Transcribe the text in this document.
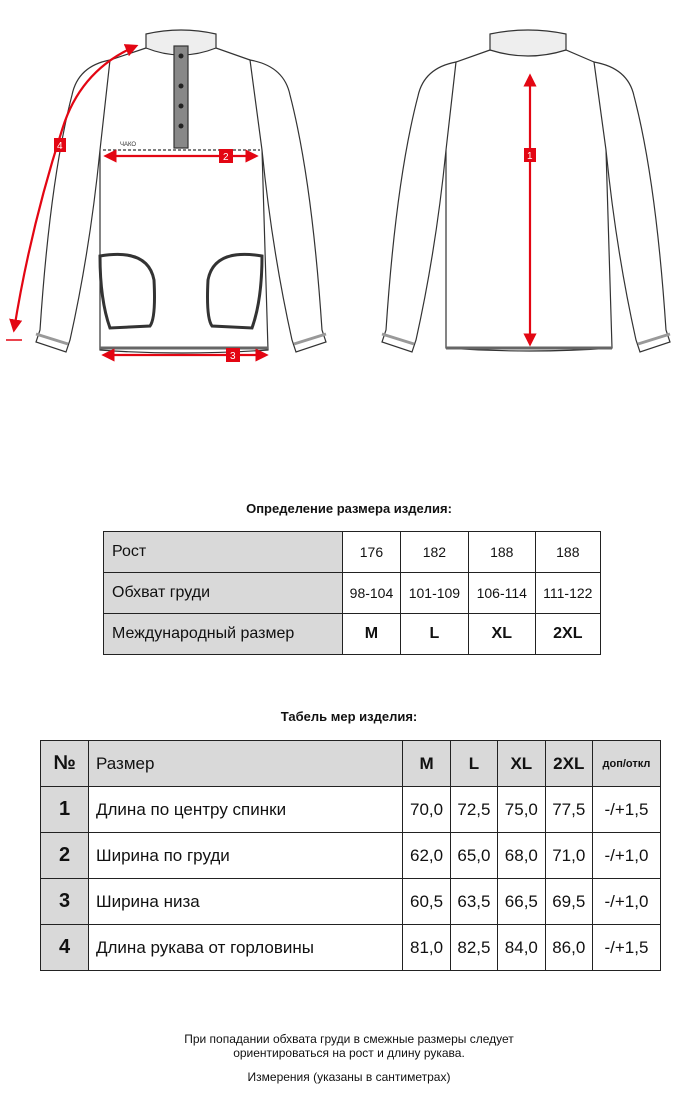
ЧАКО
1
2
3
4
Определение размера изделия:
Рост	176	182	188	188
Обхват груди	98-104	101-109	106-114	111-122
Международный размер	M	L	XL	2XL
Табель мер изделия:
№	Размер	M	L	XL	2XL	доп/откл
1	Длина по центру спинки	70,0	72,5	75,0	77,5	-/+1,5
2	Ширина по груди	62,0	65,0	68,0	71,0	-/+1,0
3	Ширина низа	60,5	63,5	66,5	69,5	-/+1,0
4	Длина рукава от горловины	81,0	82,5	84,0	86,0	-/+1,5
При попадании обхвата груди в смежные размеры следует
ориентироваться на рост и длину рукава.
Измерения (указаны в сантиметрах)
